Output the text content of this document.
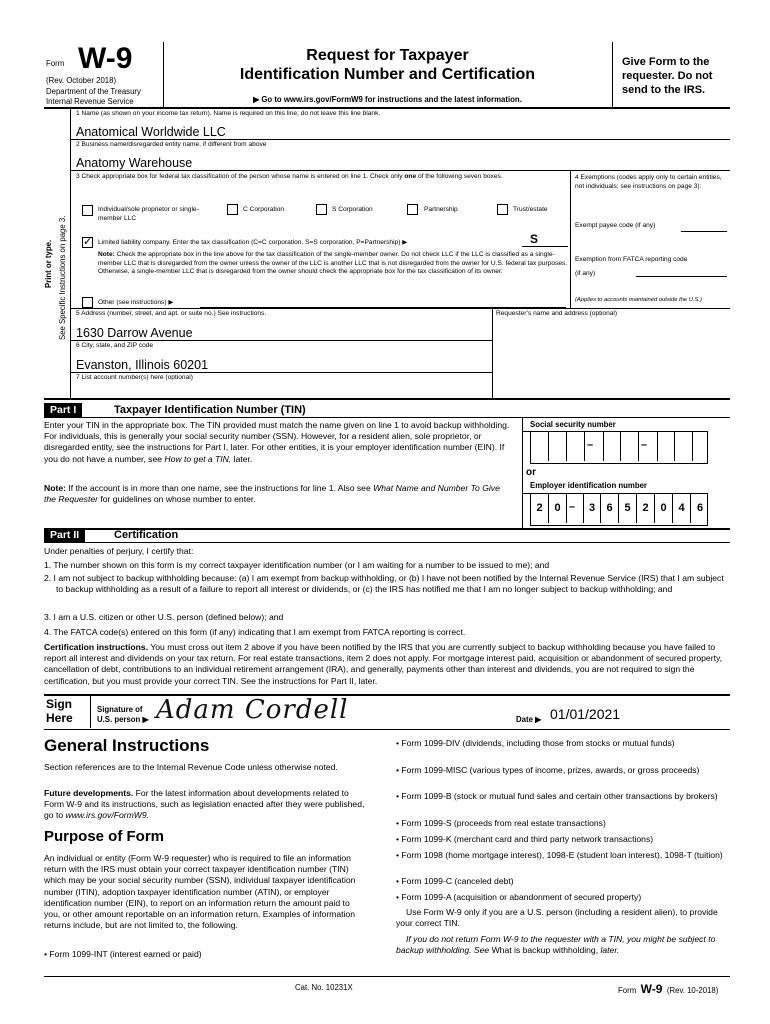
Form W-9
(Rev. October 2018)
Department of the Treasury
Internal Revenue Service
Request for Taxpayer
Identification Number and Certification
▶ Go to www.irs.gov/FormW9 for instructions and the latest information.
Give Form to the requester. Do not send to the IRS.
Print or type. See Specific Instructions on page 3.
1 Name (as shown on your income tax return). Name is required on this line; do not leave this line blank.
Anatomical Worldwide LLC
2 Business name/disregarded entity name, if different from above
Anatomy Warehouse
3 Check appropriate box for federal tax classification of the person whose name is entered on line 1. Check only one of the following seven boxes.
Individual/sole proprietor or single-member LLC
C Corporation	S Corporation	Partnership	Trust/estate
✓ Limited liability company. Enter the tax classification (C=C corporation, S=S corporation, P=Partnership) ▶	S
Note: Check the appropriate box in the line above for the tax classification of the single-member owner. Do not check LLC if the LLC is classified as a single-member LLC that is disregarded from the owner unless the owner of the LLC is another LLC that is not disregarded from the owner for U.S. federal tax purposes. Otherwise, a single-member LLC that is disregarded from the owner should check the appropriate box for the tax classification of its owner.
Other (see instructions) ▶
4 Exemptions (codes apply only to certain entities, not individuals; see instructions on page 3):
Exempt payee code (if any)
Exemption from FATCA reporting code (if any)
(Applies to accounts maintained outside the U.S.)
5 Address (number, street, and apt. or suite no.) See instructions.
1630 Darrow Avenue
Requester’s name and address (optional)
6 City, state, and ZIP code
Evanston, Illinois 60201
7 List account number(s) here (optional)
Part I	Taxpayer Identification Number (TIN)
Enter your TIN in the appropriate box. The TIN provided must match the name given on line 1 to avoid backup withholding. For individuals, this is generally your social security number (SSN). However, for a resident alien, sole proprietor, or disregarded entity, see the instructions for Part I, later. For other entities, it is your employer identification number (EIN). If you do not have a number, see How to get a TIN, later.
Note: If the account is in more than one name, see the instructions for line 1. Also see What Name and Number To Give the Requester for guidelines on whose number to enter.
Social security number
–	–
or
Employer identification number
2	0 –	3	6	5	2	0	4	6
Part II	Certification
Under penalties of perjury, I certify that:
1. The number shown on this form is my correct taxpayer identification number (or I am waiting for a number to be issued to me); and
2. I am not subject to backup withholding because: (a) I am exempt from backup withholding, or (b) I have not been notified by the Internal Revenue Service (IRS) that I am subject to backup withholding as a result of a failure to report all interest or dividends, or (c) the IRS has notified me that I am no longer subject to backup withholding; and
3. I am a U.S. citizen or other U.S. person (defined below); and
4. The FATCA code(s) entered on this form (if any) indicating that I am exempt from FATCA reporting is correct.
Certification instructions. You must cross out item 2 above if you have been notified by the IRS that you are currently subject to backup withholding because you have failed to report all interest and dividends on your tax return. For real estate transactions, item 2 does not apply. For mortgage interest paid, acquisition or abandonment of secured property, cancellation of debt, contributions to an individual retirement arrangement (IRA), and generally, payments other than interest and dividends, you are not required to sign the certification, but you must provide your correct TIN. See the instructions for Part II, later.
Sign
Here
Signature of
U.S. person ▶ Adam Cordell	Date ▶ 01/01/2021
General Instructions
Section references are to the Internal Revenue Code unless otherwise noted.
Future developments. For the latest information about developments related to Form W-9 and its instructions, such as legislation enacted after they were published, go to www.irs.gov/FormW9.
Purpose of Form
An individual or entity (Form W-9 requester) who is required to file an information return with the IRS must obtain your correct taxpayer identification number (TIN) which may be your social security number (SSN), individual taxpayer identification number (ITIN), adoption taxpayer identification number (ATIN), or employer identification number (EIN), to report on an information return the amount paid to you, or other amount reportable on an information return. Examples of information returns include, but are not limited to, the following.
• Form 1099-INT (interest earned or paid)
• Form 1099-DIV (dividends, including those from stocks or mutual funds)
• Form 1099-MISC (various types of income, prizes, awards, or gross proceeds)
• Form 1099-B (stock or mutual fund sales and certain other transactions by brokers)
• Form 1099-S (proceeds from real estate transactions)
• Form 1099-K (merchant card and third party network transactions)
• Form 1098 (home mortgage interest), 1098-E (student loan interest), 1098-T (tuition)
• Form 1099-C (canceled debt)
• Form 1099-A (acquisition or abandonment of secured property)
Use Form W-9 only if you are a U.S. person (including a resident alien), to provide your correct TIN.
If you do not return Form W-9 to the requester with a TIN, you might be subject to backup withholding. See What is backup withholding, later.
Cat. No. 10231X	Form W-9 (Rev. 10-2018)
